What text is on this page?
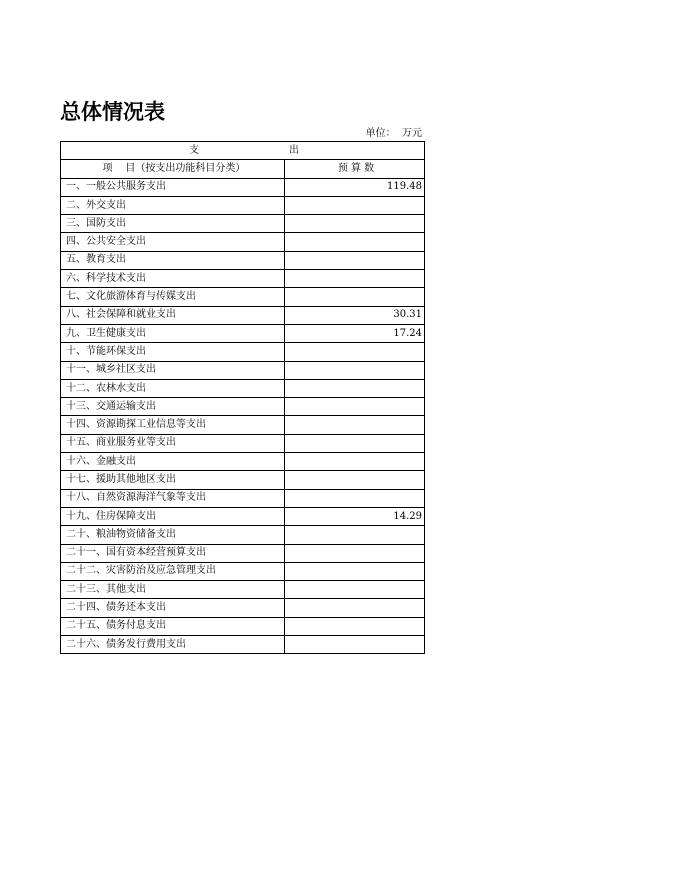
总体情况表
单位：  万元
支 出	
项    目（按支出功能科目分类）	预 算 数
一、一般公共服务支出	119.48
二、外交支出	
三、国防支出	
四、公共安全支出	
五、教育支出	
六、科学技术支出	
七、文化旅游体育与传媒支出	
八、社会保障和就业支出	30.31
九、卫生健康支出	17.24
十、节能环保支出	
十一、城乡社区支出	
十二、农林水支出	
十三、交通运输支出	
十四、资源勘探工业信息等支出	
十五、商业服务业等支出	
十六、金融支出	
十七、援助其他地区支出	
十八、自然资源海洋气象等支出	
十九、住房保障支出	14.29
二十、粮油物资储备支出	
二十一、国有资本经营预算支出	
二十二、灾害防治及应急管理支出	
二十三、其他支出	
二十四、债务还本支出	
二十五、债务付息支出	
二十六、债务发行费用支出	
